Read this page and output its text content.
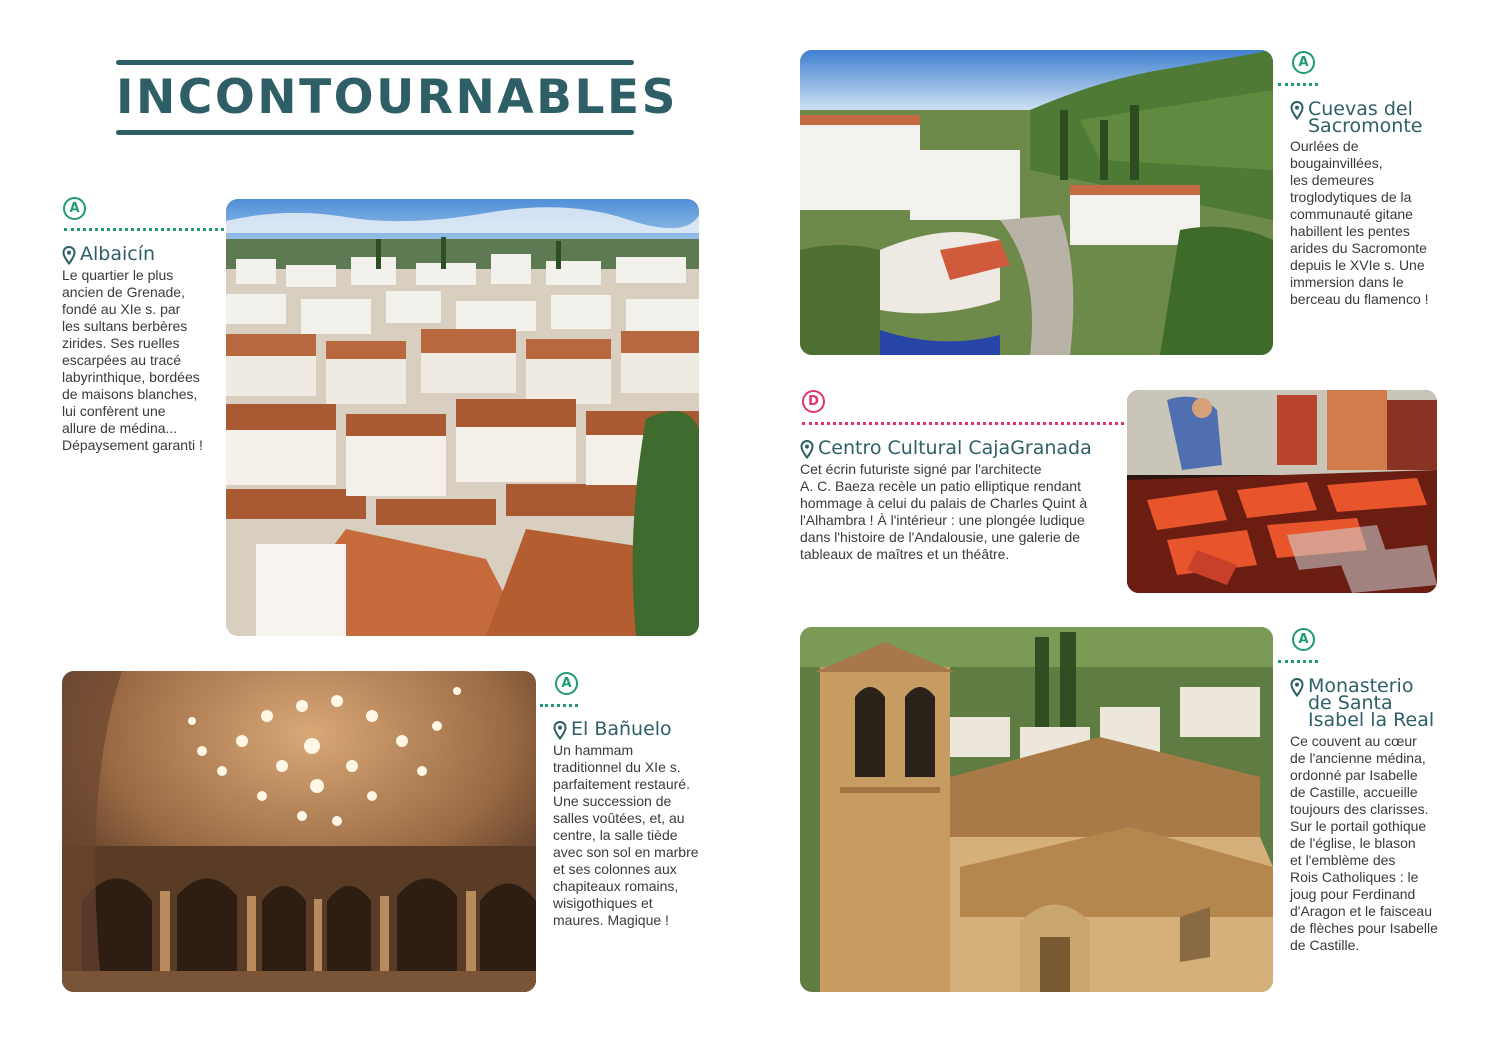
INCONTOURNABLES
A
Albaicín
Le quartier le plus
ancien de Grenade,
fondé au XIe s. par
les sultans berbères
zirides. Ses ruelles
escarpées au tracé
labyrinthique, bordées
de maisons blanches,
lui confèrent une
allure de médina...
Dépaysement garanti !
A
El Bañuelo
Un hammam
traditionnel du XIe s.
parfaitement restauré.
Une succession de
salles voûtées, et, au
centre, la salle tiède
avec son sol en marbre
et ses colonnes aux
chapiteaux romains,
wisigothiques et
maures. Magique !
A
Cuevas del
Sacromonte
Ourlées de
bougainvillées,
les demeures
troglodytiques de la
communauté gitane
habillent les pentes
arides du Sacromonte
depuis le XVIe s. Une
immersion dans le
berceau du flamenco !
D
Centro Cultural CajaGranada
Cet écrin futuriste signé par l'architecte
A. C. Baeza recèle un patio elliptique rendant
hommage à celui du palais de Charles Quint à
l'Alhambra ! À l'intérieur : une plongée ludique
dans l'histoire de l'Andalousie, une galerie de
tableaux de maîtres et un théâtre.
A
Monasterio
de Santa
Isabel la Real
Ce couvent au cœur
de l'ancienne médina,
ordonné par Isabelle
de Castille, accueille
toujours des clarisses.
Sur le portail gothique
de l'église, le blason
et l'emblème des
Rois Catholiques : le
joug pour Ferdinand
d'Aragon et le faisceau
de flèches pour Isabelle
de Castille.
